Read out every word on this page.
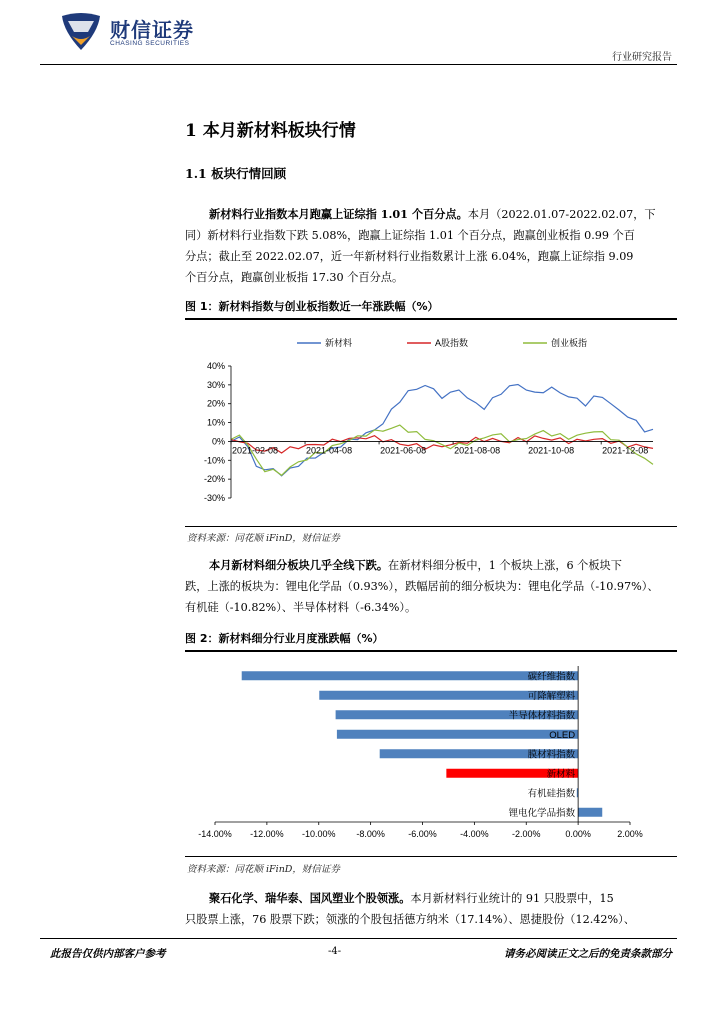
财信证券
CHASING SECURITIES
行业研究报告
1 本月新材料板块行情
1.1 板块行情回顾
新材料行业指数本月跑赢上证综指 1.01 个百分点。本月（2022.01.07-2022.02.07，下
同）新材料行业指数下跌 5.08%，跑赢上证综指 1.01 个百分点，跑赢创业板指 0.99 个百
分点；截止至 2022.02.07，近一年新材料行业指数累计上涨 6.04%，跑赢上证综指 9.09
个百分点，跑赢创业板指 17.30 个百分点。
图 1：新材料指数与创业板指数近一年涨跌幅（%）
新材料	A股指数	创业板指
-30%
-20%
-10%
0%
10%
20%
30%
40%
2021-02-08	2021-04-08	2021-06-08	2021-08-08	2021-10-08	2021-12-08
资料来源：同花顺 iFinD，财信证券
本月新材料细分板块几乎全线下跌。在新材料细分板中，1 个板块上涨，6 个板块下
跌，上涨的板块为：锂电化学品（0.93%），跌幅居前的细分板块为：锂电化学品（-10.97%）、
有机硅（-10.82%）、半导体材料（-6.34%）。
图 2：新材料细分行业月度涨跌幅（%）
碳纤维指数
可降解塑料
半导体材料指数
OLED
膜材料指数
新材料
有机硅指数
锂电化学品指数
-14.00% -12.00% -10.00% -8.00%	-6.00%	-4.00%	-2.00%	0.00%	2.00%
资料来源：同花顺 iFinD，财信证券
聚石化学、瑞华泰、国风塑业个股领涨。本月新材料行业统计的 91 只股票中，15
只股票上涨，76 股票下跌；领涨的个股包括德方纳米（17.14%）、恩捷股份（12.42%）、
此报告仅供内部客户参考	-4-	请务必阅读正文之后的免责条款部分
